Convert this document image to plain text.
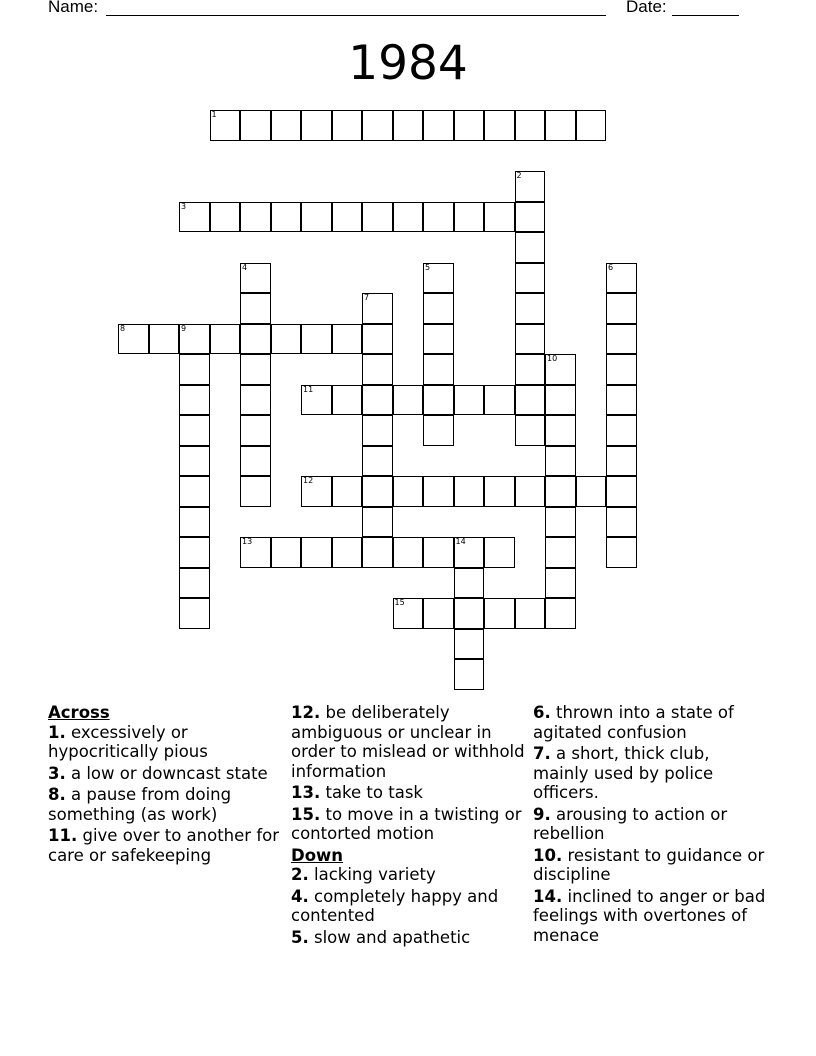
Name:	Date:
1984
1
2
3
4	5	6
7
8	9
10
11
12
13	14
15
Across
1. excessively or hypocritically pious
3. a low or downcast state
8. a pause from doing something (as work)
11. give over to another for care or safekeeping
12. be deliberately ambiguous or unclear in order to mislead or withhold information
13. take to task
15. to move in a twisting or contorted motion
Down
2. lacking variety
4. completely happy and contented
5. slow and apathetic
6. thrown into a state of agitated confusion
7. a short, thick club, mainly used by police officers.
9. arousing to action or rebellion
10. resistant to guidance or discipline
14. inclined to anger or bad feelings with overtones of menace
